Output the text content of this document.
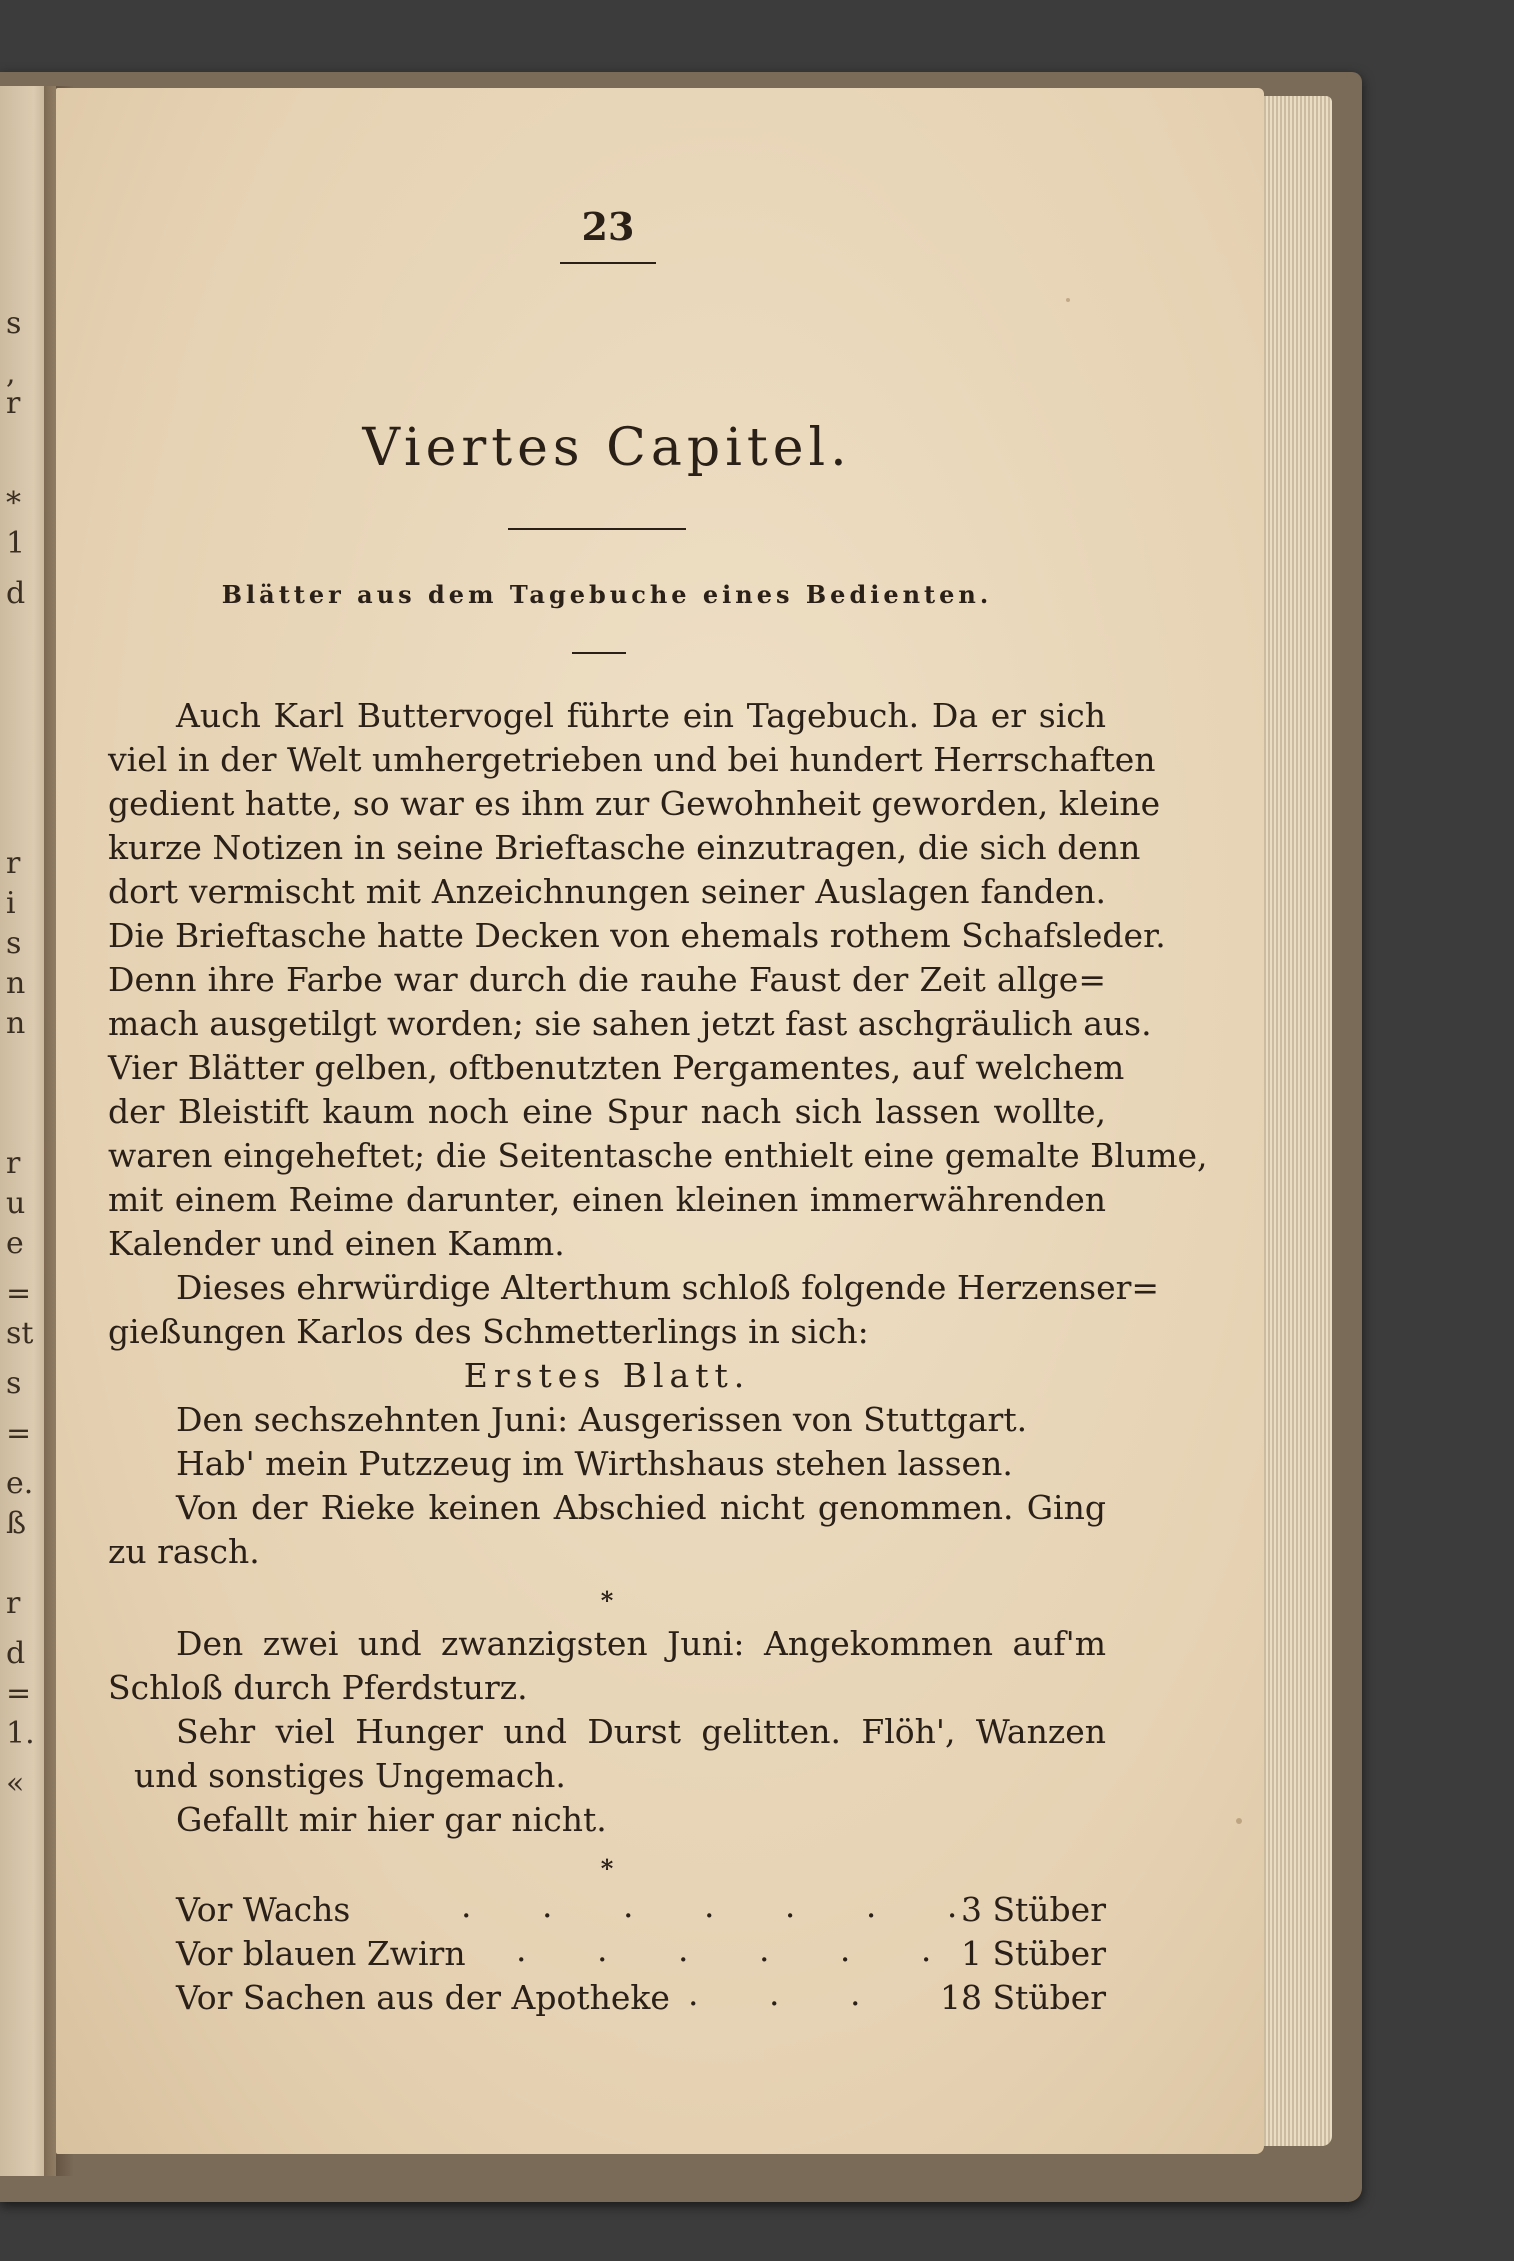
s
,
r
*
1
d
r
i
s
n
n
r
u
e
=
st
s
=
e.
ß
r
d
=
1.
«
23
Viertes Capitel.
Blätter aus dem Tagebuche eines Bedienten.
Auch Karl Buttervogel führte ein Tagebuch. Da er sich
viel in der Welt umhergetrieben und bei hundert Herrschaften
gedient hatte, so war es ihm zur Gewohnheit geworden, kleine
kurze Notizen in seine Brieftasche einzutragen, die sich denn
dort vermischt mit Anzeichnungen seiner Auslagen fanden.
Die Brieftasche hatte Decken von ehemals rothem Schafsleder.
Denn ihre Farbe war durch die rauhe Faust der Zeit allge=
mach ausgetilgt worden; sie sahen jetzt fast aschgräulich aus.
Vier Blätter gelben, oftbenutzten Pergamentes, auf welchem
der Bleistift kaum noch eine Spur nach sich lassen wollte,
waren eingeheftet; die Seitentasche enthielt eine gemalte Blume,
mit einem Reime darunter, einen kleinen immerwährenden
Kalender und einen Kamm.
Dieses ehrwürdige Alterthum schloß folgende Herzenser=
gießungen Karlos des Schmetterlings in sich:
Erstes Blatt.
Den sechszehnten Juni: Ausgerissen von Stuttgart.
Hab' mein Putzzeug im Wirthshaus stehen lassen.
Von der Rieke keinen Abschied nicht genommen. Ging
zu rasch.
*
Den zwei und zwanzigsten Juni: Angekommen auf'm
Schloß durch Pferdsturz.
Sehr viel Hunger und Durst gelitten. Flöh', Wanzen
und sonstiges Ungemach.
Gefallt mir hier gar nicht.
*
Vor Wachs	. . . . . . .
3 Stüber
Vor blauen Zwirn . . . . . . 1 Stüber
Vor Sachen aus der Apotheke . . . 18 Stüber
